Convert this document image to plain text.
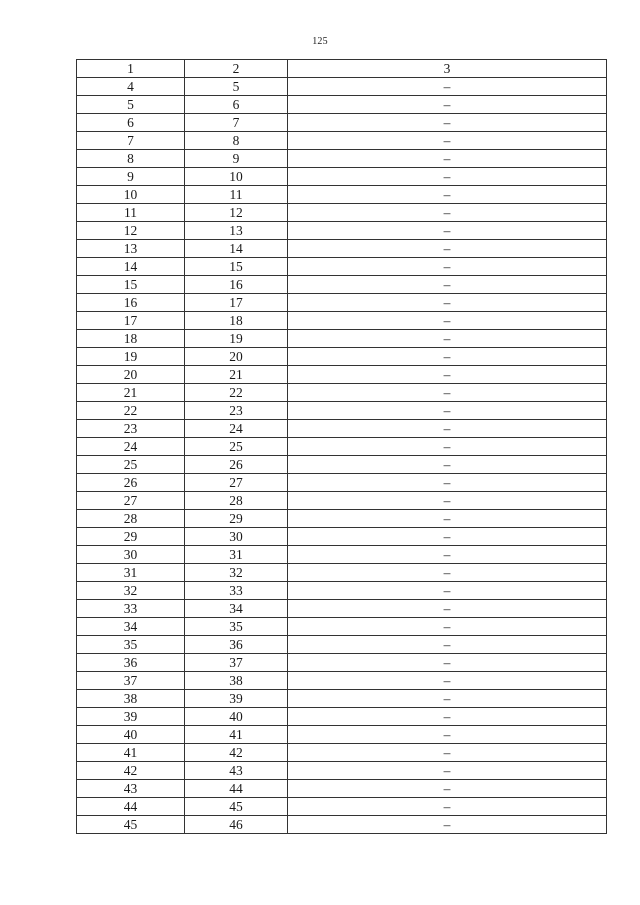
125
1	2	3
4	5	–
5	6	–
6	7	–
7	8	–
8	9	–
9	10	–
10	11	–
11	12	–
12	13	–
13	14	–
14	15	–
15	16	–
16	17	–
17	18	–
18	19	–
19	20	–
20	21	–
21	22	–
22	23	–
23	24	–
24	25	–
25	26	–
26	27	–
27	28	–
28	29	–
29	30	–
30	31	–
31	32	–
32	33	–
33	34	–
34	35	–
35	36	–
36	37	–
37	38	–
38	39	–
39	40	–
40	41	–
41	42	–
42	43	–
43	44	–
44	45	–
45	46	–
